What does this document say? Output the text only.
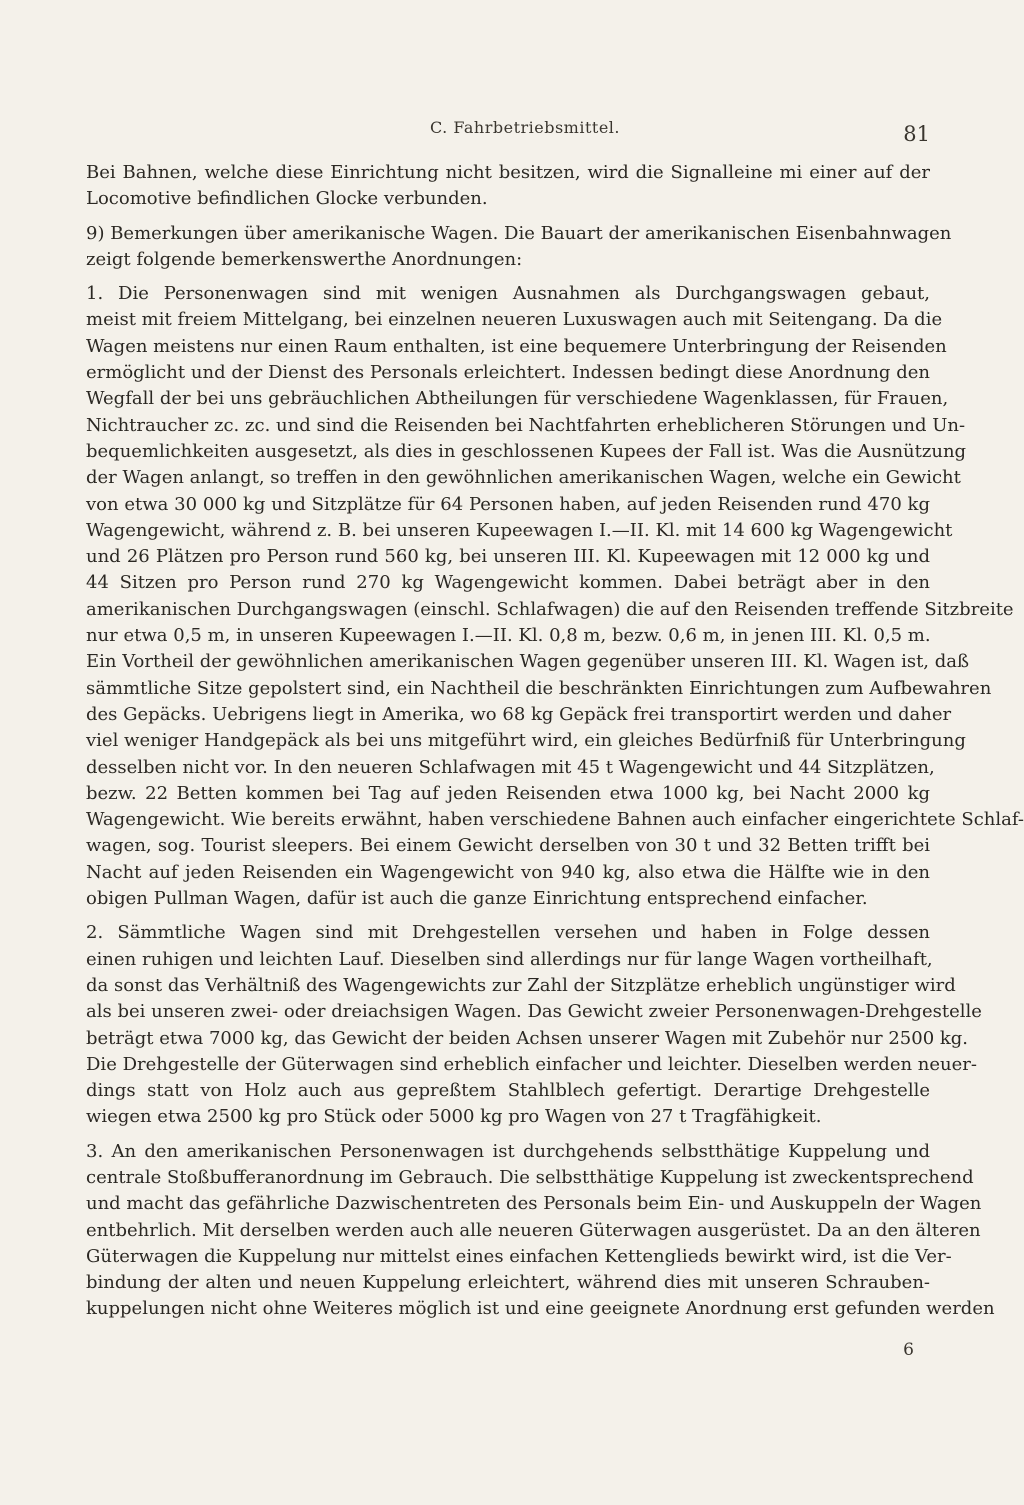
C. Fahrbetriebsmittel.	81
Bei Bahnen, welche diese Einrichtung nicht besitzen, wird die Signalleine mi einer auf der
Locomotive befindlichen Glocke verbunden.
9) Bemerkungen über amerikanische Wagen. Die Bauart der amerikanischen Eisenbahnwagen
zeigt folgende bemerkenswerthe Anordnungen:
1. Die Personenwagen sind mit wenigen Ausnahmen als Durchgangswagen gebaut,
meist mit freiem Mittelgang, bei einzelnen neueren Luxuswagen auch mit Seitengang. Da die
Wagen meistens nur einen Raum enthalten, ist eine bequemere Unterbringung der Reisenden
ermöglicht und der Dienst des Personals erleichtert. Indessen bedingt diese Anordnung den
Wegfall der bei uns gebräuchlichen Abtheilungen für verschiedene Wagenklassen, für Frauen,
Nichtraucher zc. zc. und sind die Reisenden bei Nachtfahrten erheblicheren Störungen und Un-
bequemlichkeiten ausgesetzt, als dies in geschlossenen Kupees der Fall ist. Was die Ausnützung
der Wagen anlangt, so treffen in den gewöhnlichen amerikanischen Wagen, welche ein Gewicht
von etwa 30 000 kg und Sitzplätze für 64 Personen haben, auf jeden Reisenden rund 470 kg
Wagengewicht, während z. B. bei unseren Kupeewagen I.—II. Kl. mit 14 600 kg Wagengewicht
und 26 Plätzen pro Person rund 560 kg, bei unseren III. Kl. Kupeewagen mit 12 000 kg und
44 Sitzen pro Person rund 270 kg Wagengewicht kommen. Dabei beträgt aber in den
amerikanischen Durchgangswagen (einschl. Schlafwagen) die auf den Reisenden treffende Sitzbreite
nur etwa 0,5 m, in unseren Kupeewagen I.—II. Kl. 0,8 m, bezw. 0,6 m, in jenen III. Kl. 0,5 m.
Ein Vortheil der gewöhnlichen amerikanischen Wagen gegenüber unseren III. Kl. Wagen ist, daß
sämmtliche Sitze gepolstert sind, ein Nachtheil die beschränkten Einrichtungen zum Aufbewahren
des Gepäcks. Uebrigens liegt in Amerika, wo 68 kg Gepäck frei transportirt werden und daher
viel weniger Handgepäck als bei uns mitgeführt wird, ein gleiches Bedürfniß für Unterbringung
desselben nicht vor. In den neueren Schlafwagen mit 45 t Wagengewicht und 44 Sitzplätzen,
bezw. 22 Betten kommen bei Tag auf jeden Reisenden etwa 1000 kg, bei Nacht 2000 kg
Wagengewicht. Wie bereits erwähnt, haben verschiedene Bahnen auch einfacher eingerichtete Schlaf-
wagen, sog. Tourist sleepers. Bei einem Gewicht derselben von 30 t und 32 Betten trifft bei
Nacht auf jeden Reisenden ein Wagengewicht von 940 kg, also etwa die Hälfte wie in den
obigen Pullman Wagen, dafür ist auch die ganze Einrichtung entsprechend einfacher.
2. Sämmtliche Wagen sind mit Drehgestellen versehen und haben in Folge dessen
einen ruhigen und leichten Lauf. Dieselben sind allerdings nur für lange Wagen vortheilhaft,
da sonst das Verhältniß des Wagengewichts zur Zahl der Sitzplätze erheblich ungünstiger wird
als bei unseren zwei- oder dreiachsigen Wagen. Das Gewicht zweier Personenwagen-Drehgestelle
beträgt etwa 7000 kg, das Gewicht der beiden Achsen unserer Wagen mit Zubehör nur 2500 kg.
Die Drehgestelle der Güterwagen sind erheblich einfacher und leichter. Dieselben werden neuer-
dings statt von Holz auch aus gepreßtem Stahlblech gefertigt. Derartige Drehgestelle
wiegen etwa 2500 kg pro Stück oder 5000 kg pro Wagen von 27 t Tragfähigkeit.
3. An den amerikanischen Personenwagen ist durchgehends selbstthätige Kuppelung und
centrale Stoßbufferanordnung im Gebrauch. Die selbstthätige Kuppelung ist zweckentsprechend
und macht das gefährliche Dazwischentreten des Personals beim Ein- und Auskuppeln der Wagen
entbehrlich. Mit derselben werden auch alle neueren Güterwagen ausgerüstet. Da an den älteren
Güterwagen die Kuppelung nur mittelst eines einfachen Kettenglieds bewirkt wird, ist die Ver-
bindung der alten und neuen Kuppelung erleichtert, während dies mit unseren Schrauben-
kuppelungen nicht ohne Weiteres möglich ist und eine geeignete Anordnung erst gefunden werden
6
